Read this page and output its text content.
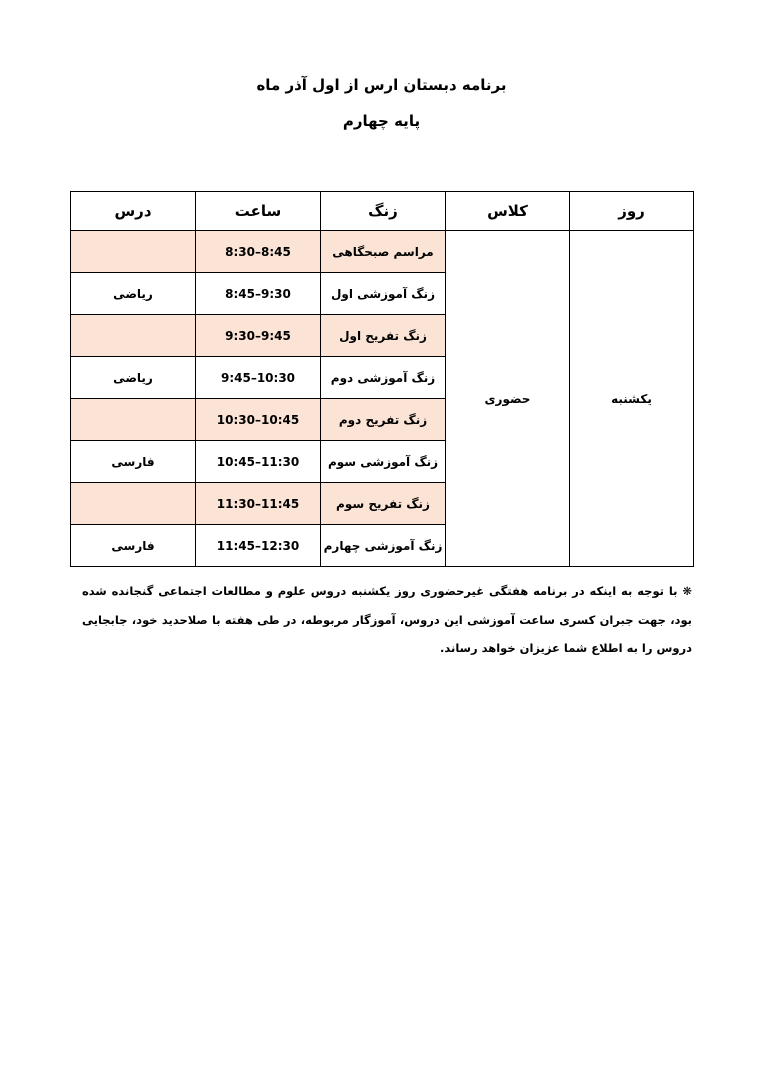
برنامه دبستان ارس از اول آذر ماه
پایه چهارم
روز	کلاس	زنگ	ساعت	درس
یکشنبه	حضوری	مراسم صبحگاهی	8:30–8:45	
		زنگ آموزشی اول	8:45–9:30	ریاضی
		زنگ تفریح اول	9:30–9:45	
		زنگ آموزشی دوم	9:45–10:30	ریاضی
		زنگ تفریح دوم	10:30–10:45	
		زنگ آموزشی سوم	10:45–11:30	فارسی
		زنگ تفریح سوم	11:30–11:45	
		زنگ آموزشی چهارم	11:45–12:30	فارسی
❋ با توجه به اینکه در برنامه هفتگی غیرحضوری روز یکشنبه دروس علوم و مطالعات اجتماعی گنجانده شده بود، جهت جبران کسری ساعت آموزشی این دروس، آموزگار مربوطه، در طی هفته با صلاحدید خود، جابجایی دروس را به اطلاع شما عزیزان خواهد رساند.
